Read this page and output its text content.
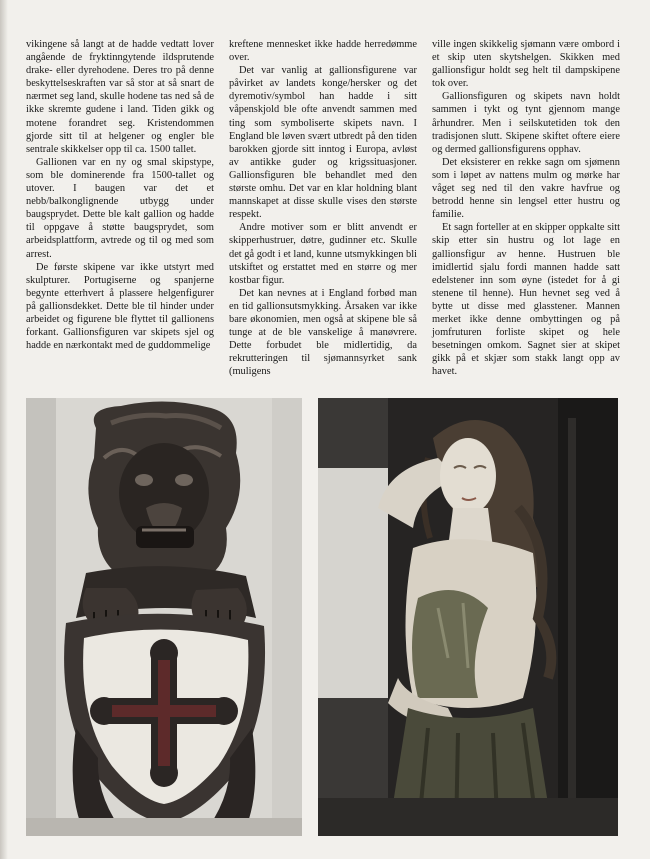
vikingene så langt at de hadde vedtatt lover angående de fryktinngytende ildsprutende drake- eller dyrehodene. Deres tro på denne beskyttelseskraften var så stor at så snart de nærmet seg land, skulle hodene tas ned så de ikke skremte gudene i land. Tiden gikk og motene forandret seg. Kristendommen gjorde sitt til at helgener og engler ble sentrale skikkelser opp til ca. 1500 tallet.

Gallionen var en ny og smal skipstype, som ble dominerende fra 1500-tallet og utover. I baugen var det et nebb/balkonglignende utbygg under baugsprydet. Dette ble kalt gallion og hadde til oppgave å støtte baugsprydet, som arbeidsplattform, avtrede og til og med som arrest.

De første skipene var ikke utstyrt med skulpturer. Portugiserne og spanjerne begynte etterhvert å plassere helgenfigurer på gallionsdekket. Dette ble til hinder under arbeidet og figurene ble flyttet til gallionens forkant. Gallionsfiguren var skipets sjel og hadde en nærkontakt med de guddommelige

kreftene mennesket ikke hadde herredømme over.

Det var vanlig at gallionsfigurene var påvirket av landets konge/hersker og det dyremotiv/symbol han hadde i sitt våpenskjold ble ofte anvendt sammen med ting som symboliserte skipets navn. I England ble løven svært utbredt på den tiden barokken gjorde sitt inntog i Europa, avløst av antikke guder og krigssituasjoner. Gallionsfiguren ble behandlet med den største omhu. Det var en klar holdning blant mannskapet at disse skulle vises den største respekt.

Andre motiver som er blitt anvendt er skipperhustruer, døtre, gudinner etc. Skulle det gå godt i et land, kunne utsmykkingen bli utskiftet og erstattet med en større og mer kostbar figur.

Det kan nevnes at i England forbød man en tid gallionsutsmykking. Årsaken var ikke bare økonomien, men også at skipene ble så tunge at de ble vanskelige å manøvrere. Dette forbudet ble midlertidig, da rekrutteringen til sjømannsyrket sank (muligens

ville ingen skikkelig sjømann være ombord i et skip uten skytshelgen. Skikken med gallionsfigur holdt seg helt til dampskipene tok over.

Gallionsfiguren og skipets navn holdt sammen i tykt og tynt gjennom mange århundrer. Men i seilskutetiden tok den tradisjonen slutt. Skipene skiftet oftere eiere og dermed gallionsfigurens opphav.

Det eksisterer en rekke sagn om sjømenn som i løpet av nattens mulm og mørke har våget seg ned til den vakre havfrue og betrodd henne sin lengsel etter hustru og familie.

Et sagn forteller at en skipper oppkalte sitt skip etter sin hustru og lot lage en gallionsfigur av henne. Hustruen ble imidlertid sjalu fordi mannen hadde satt edelstener inn som øyne (istedet for å gi stenene til henne). Hun hevnet seg ved å bytte ut disse med glasstener. Mannen merket ikke denne ombyttingen og på jomfruturen forliste skipet og hele besetningen omkom. Sagnet sier at skipet gikk på et skjær som stakk langt opp av havet.
